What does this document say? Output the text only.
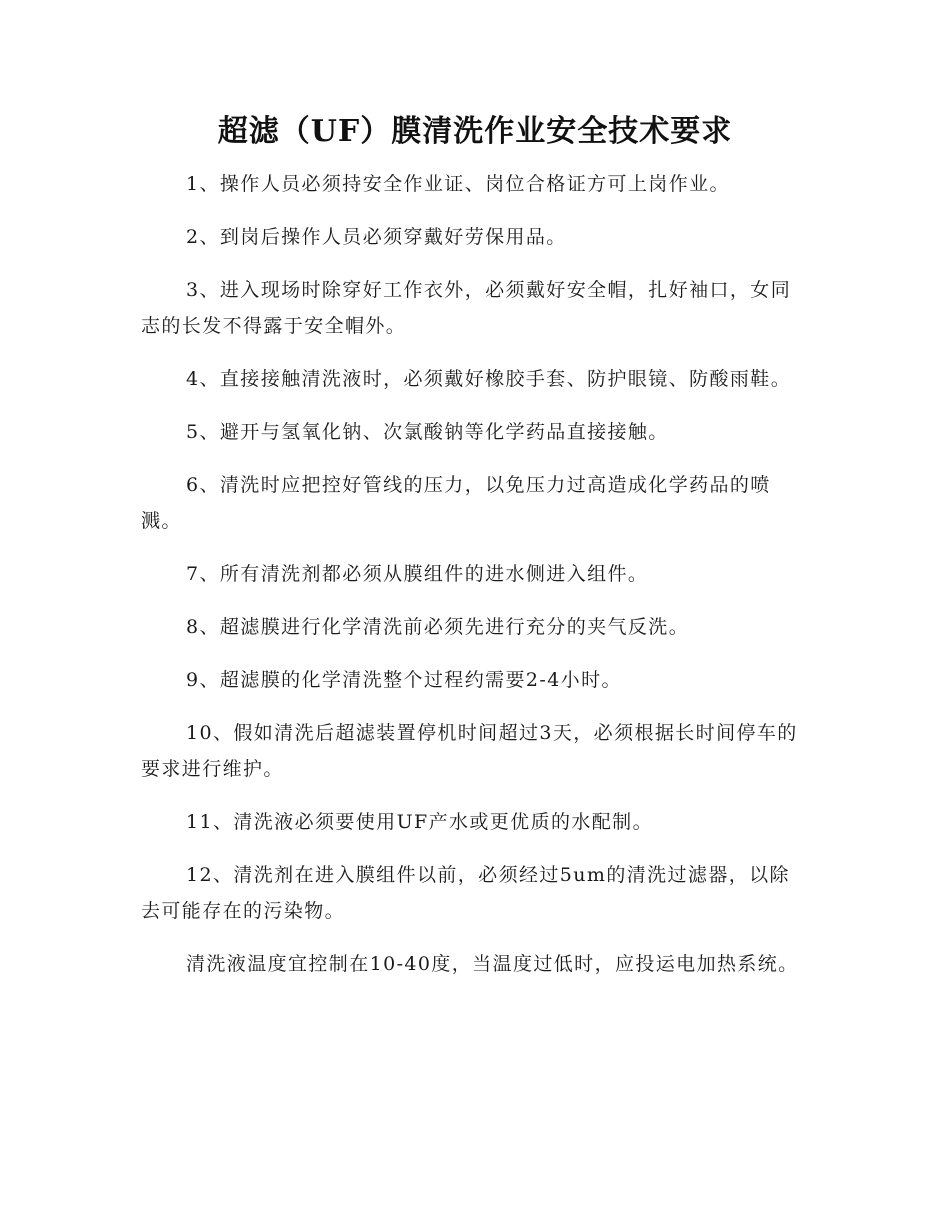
超滤（UF）膜清洗作业安全技术要求

1、操作人员必须持安全作业证、岗位合格证方可上岗作业。

2、到岗后操作人员必须穿戴好劳保用品。

3、进入现场时除穿好工作衣外，必须戴好安全帽，扎好袖口，女同志的长发不得露于安全帽外。

4、直接接触清洗液时，必须戴好橡胶手套、防护眼镜、防酸雨鞋。

5、避开与氢氧化钠、次氯酸钠等化学药品直接接触。

6、清洗时应把控好管线的压力，以免压力过高造成化学药品的喷溅。

7、所有清洗剂都必须从膜组件的进水侧进入组件。

8、超滤膜进行化学清洗前必须先进行充分的夹气反洗。

9、超滤膜的化学清洗整个过程约需要2-4小时。

10、假如清洗后超滤装置停机时间超过3天，必须根据长时间停车的要求进行维护。

11、清洗液必须要使用UF产水或更优质的水配制。

12、清洗剂在进入膜组件以前，必须经过5um的清洗过滤器，以除去可能存在的污染物。

清洗液温度宜控制在10-40度，当温度过低时，应投运电加热系统。
